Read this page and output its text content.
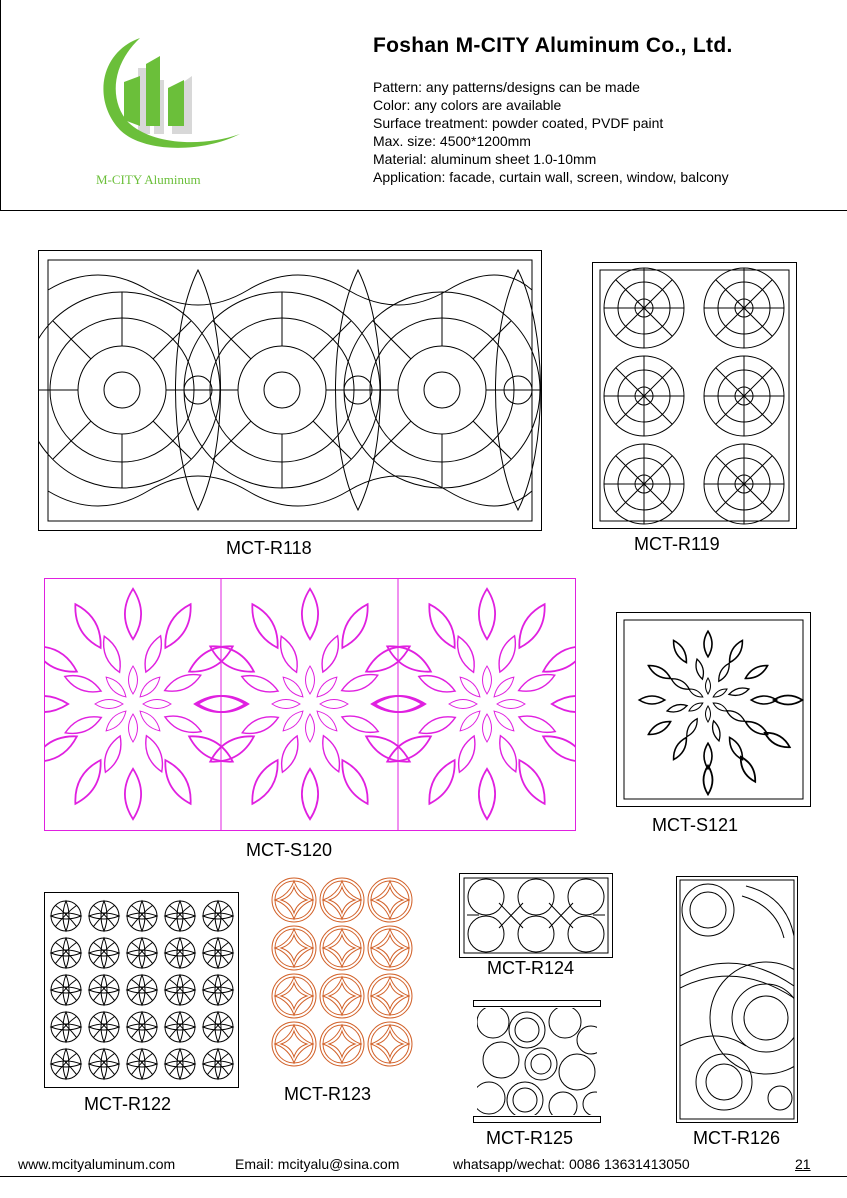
M-CITY Aluminum
Foshan M-CITY Aluminum Co., Ltd.
Pattern: any patterns/designs can be made
Color: any colors are available
Surface treatment: powder coated, PVDF paint
Max. size: 4500*1200mm
Material: aluminum sheet 1.0-10mm
Application: facade, curtain wall, screen, window, balcony
MCT-R118	MCT-R119
MCT-S120
MCT-S121
MCT-R122	MCT-R123
MCT-R124
MCT-R125	MCT-R126
www.mcityaluminum.com	Email: mcityalu@sina.com	whatsapp/wechat: 0086 13631413050	21
